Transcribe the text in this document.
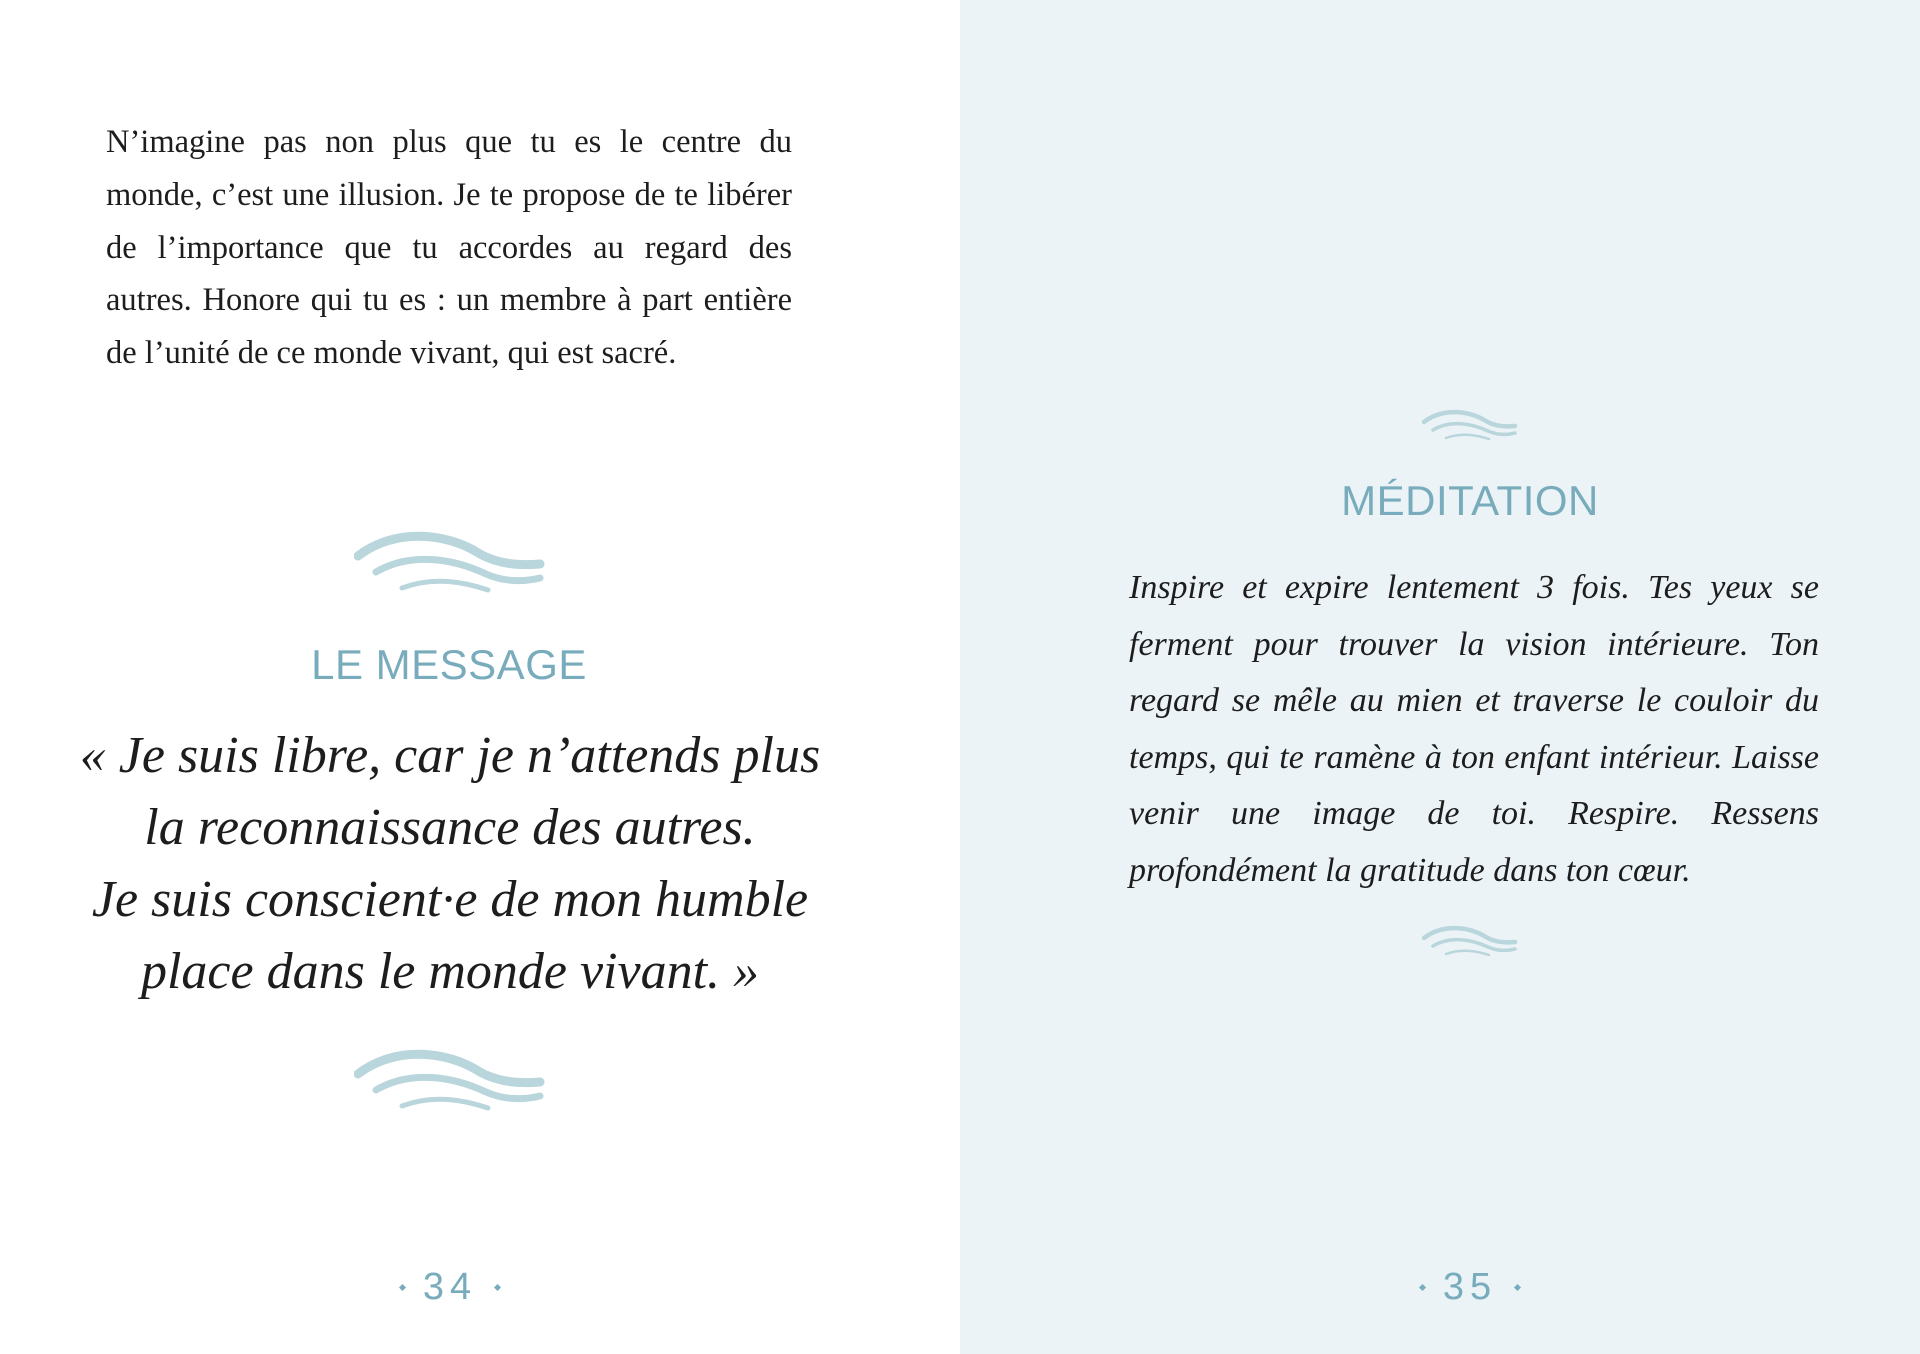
N’imagine pas non plus que tu es le centre du monde, c’est une illusion. Je te propose de te libérer de l’importance que tu accordes au regard des autres. Honore qui tu es : un membre à part entière de l’unité de ce monde vivant, qui est sacré.

LE MESSAGE
« Je suis libre, car je n’attends plus
la reconnaissance des autres.
Je suis conscient·e de mon humble
place dans le monde vivant. »
34
MÉDITATION

Inspire et expire lentement 3 fois. Tes yeux se ferment pour trouver la vision intérieure. Ton regard se mêle au mien et traverse le couloir du temps, qui te ramène à ton enfant intérieur. Laisse venir une image de toi. Respire. Ressens profondément la gratitude dans ton cœur.

35
